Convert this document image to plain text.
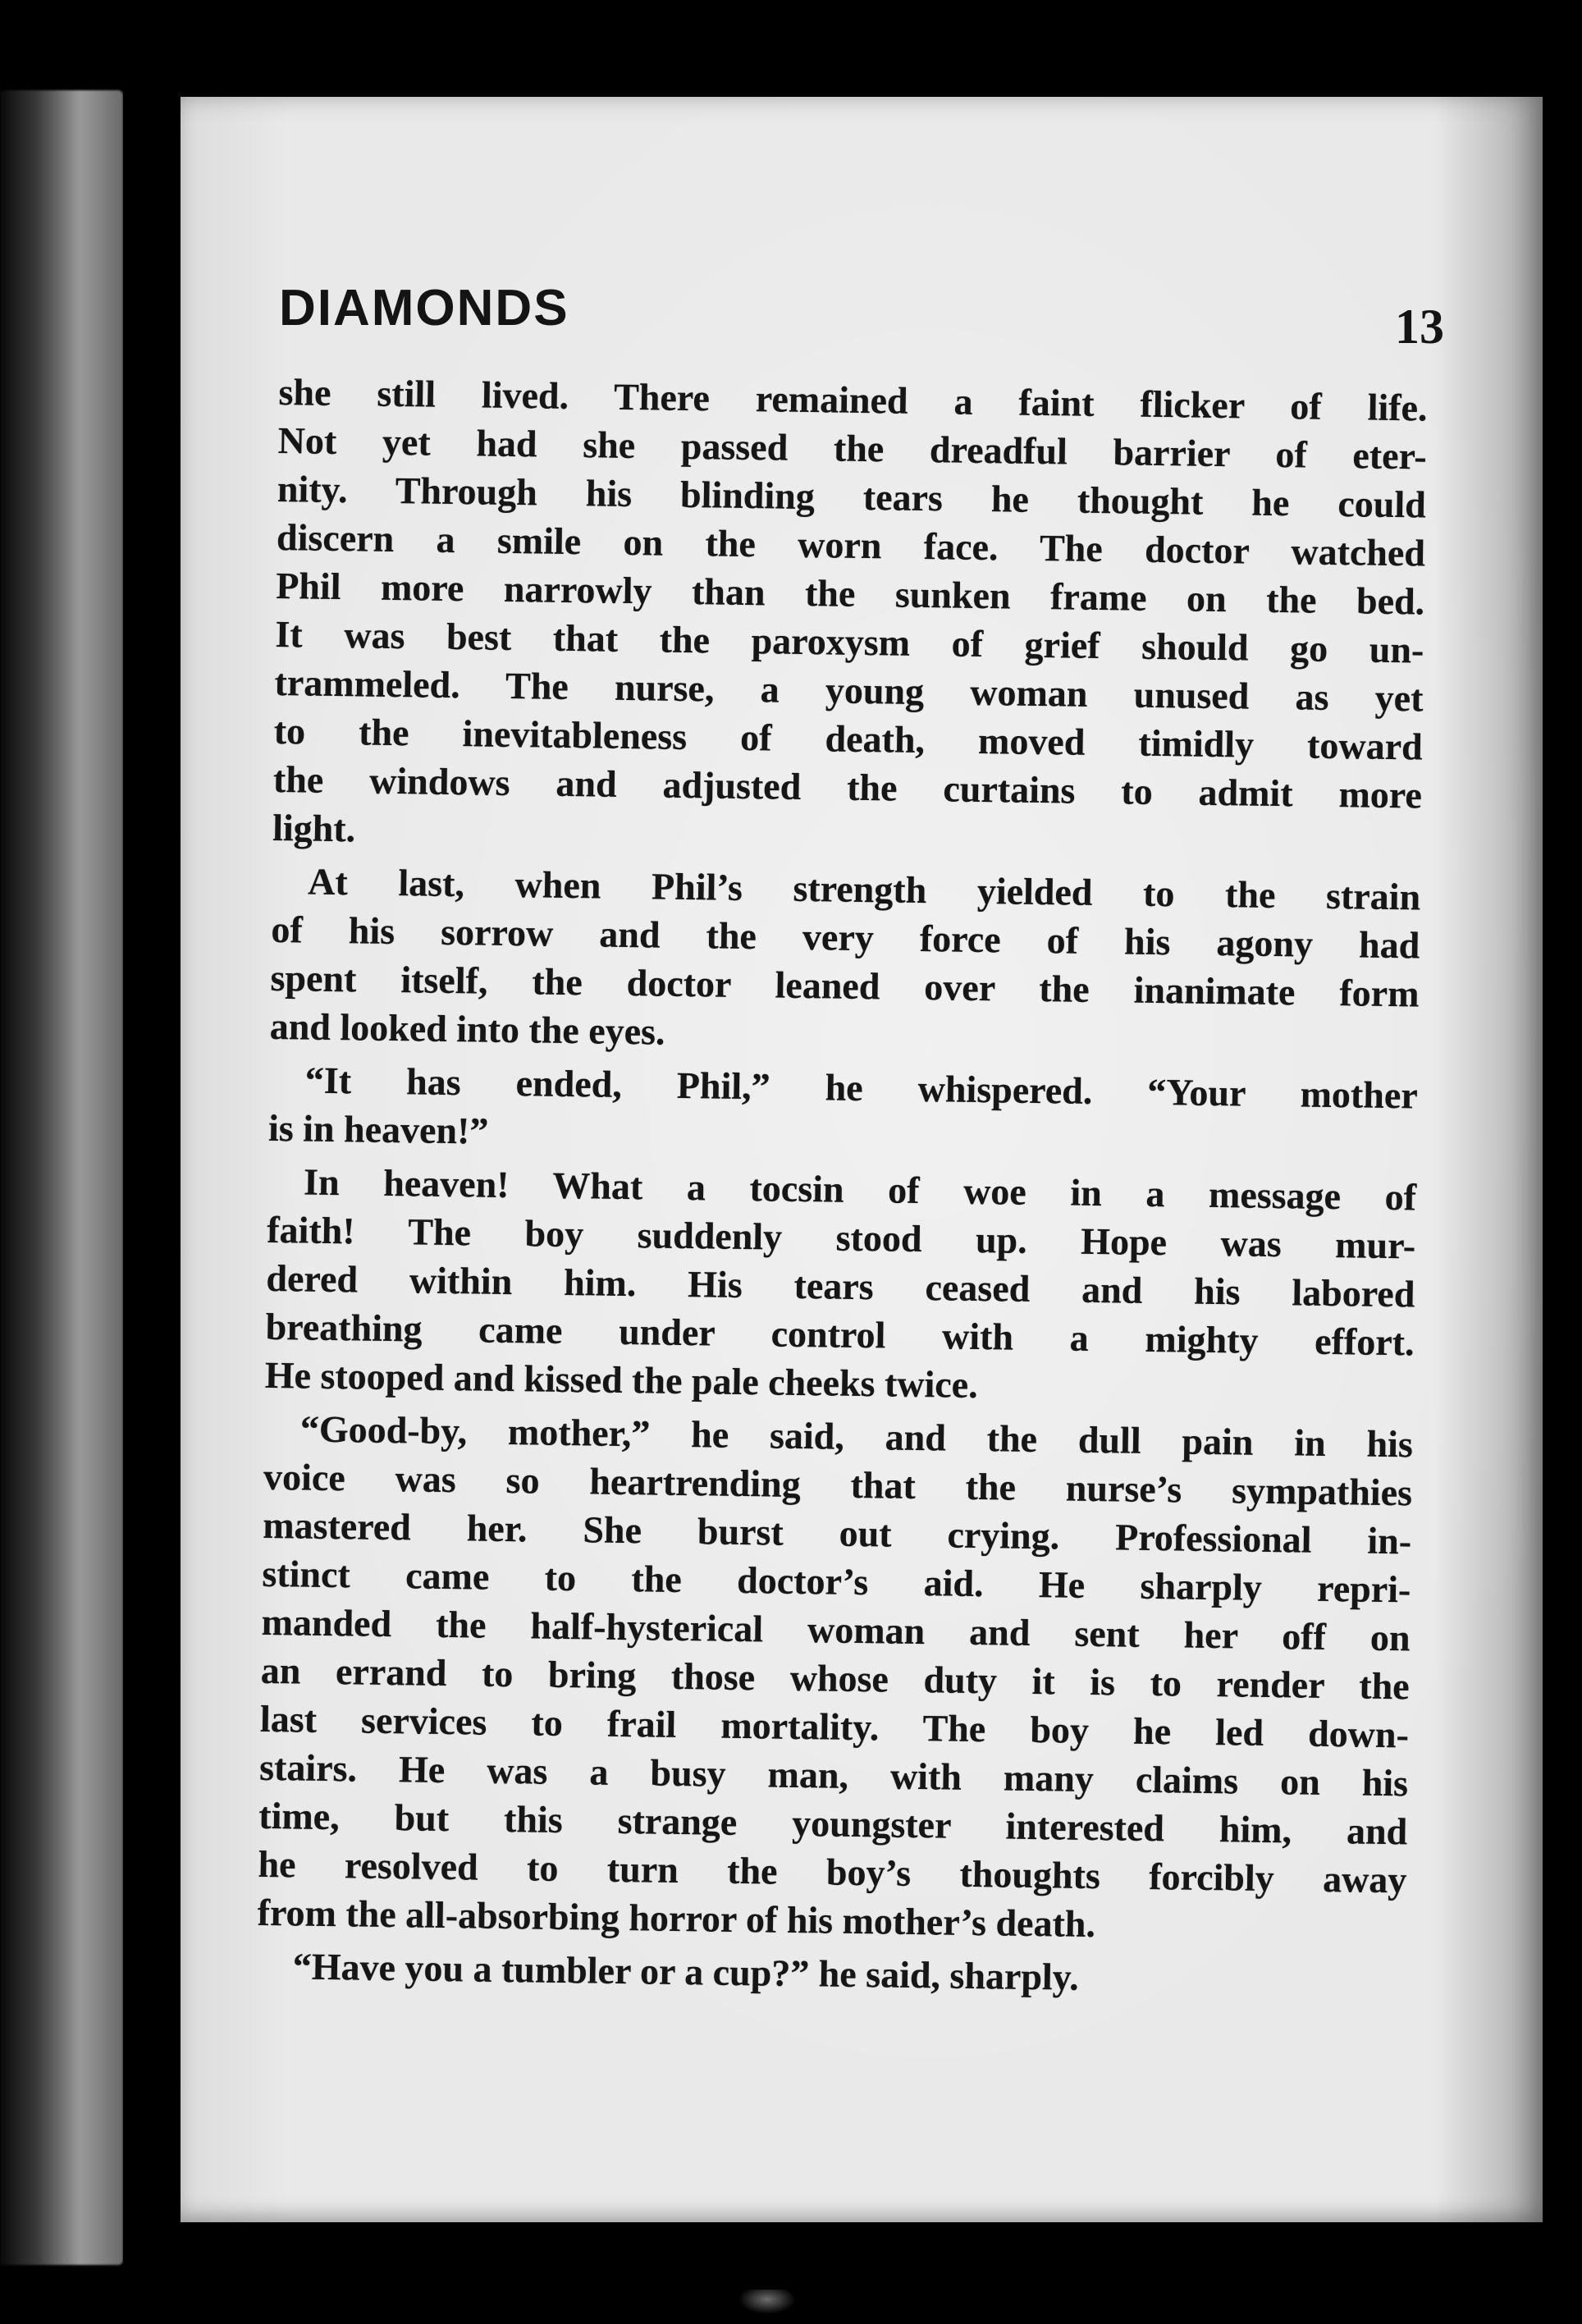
DIAMONDS	13
she still lived. There remained a faint flicker of life.
Not yet had she passed the dreadful barrier of eter-
nity. Through his blinding tears he thought he could
discern a smile on the worn face. The doctor watched
Phil more narrowly than the sunken frame on the bed.
It was best that the paroxysm of grief should go un-
trammeled. The nurse, a young woman unused as yet
to the inevitableness of death, moved timidly toward
the windows and adjusted the curtains to admit more
light.
At last, when Phil’s strength yielded to the strain
of his sorrow and the very force of his agony had
spent itself, the doctor leaned over the inanimate form
and looked into the eyes.
“It has ended, Phil,” he whispered. “Your mother
is in heaven!”
In heaven! What a tocsin of woe in a message of
faith! The boy suddenly stood up. Hope was mur-
dered within him. His tears ceased and his labored
breathing came under control with a mighty effort.
He stooped and kissed the pale cheeks twice.
“Good-by, mother,” he said, and the dull pain in his
voice was so heartrending that the nurse’s sympathies
mastered her. She burst out crying. Professional in-
stinct came to the doctor’s aid. He sharply repri-
manded the half-hysterical woman and sent her off on
an errand to bring those whose duty it is to render the
last services to frail mortality. The boy he led down-
stairs. He was a busy man, with many claims on his
time, but this strange youngster interested him, and
he resolved to turn the boy’s thoughts forcibly away
from the all-absorbing horror of his mother’s death.
“Have you a tumbler or a cup?” he said, sharply.
